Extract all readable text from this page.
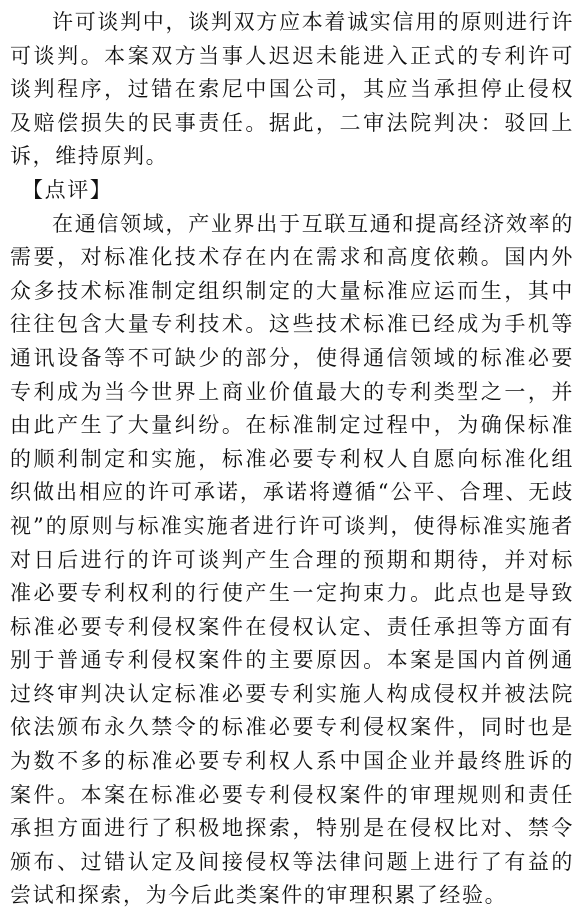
许可谈判中，谈判双方应本着诚实信用的原则进行许可谈判。本案双方当事人迟迟未能进入正式的专利许可谈判程序，过错在索尼中国公司，其应当承担停止侵权及赔偿损失的民事责任。据此，二审法院判决：驳回上诉，维持原判。

【点评】

在通信领域，产业界出于互联互通和提高经济效率的需要，对标准化技术存在内在需求和高度依赖。国内外众多技术标准制定组织制定的大量标准应运而生，其中往往包含大量专利技术。这些技术标准已经成为手机等通讯设备等不可缺少的部分，使得通信领域的标准必要专利成为当今世界上商业价值最大的专利类型之一，并由此产生了大量纠纷。在标准制定过程中，为确保标准的顺利制定和实施，标准必要专利权人自愿向标准化组织做出相应的许可承诺，承诺将遵循“公平、合理、无歧视”的原则与标准实施者进行许可谈判，使得标准实施者对日后进行的许可谈判产生合理的预期和期待，并对标准必要专利权利的行使产生一定拘束力。此点也是导致标准必要专利侵权案件在侵权认定、责任承担等方面有别于普通专利侵权案件的主要原因。本案是国内首例通过终审判决认定标准必要专利实施人构成侵权并被法院依法颁布永久禁令的标准必要专利侵权案件，同时也是为数不多的标准必要专利权人系中国企业并最终胜诉的案件。本案在标准必要专利侵权案件的审理规则和责任承担方面进行了积极地探索，特别是在侵权比对、禁令颁布、过错认定及间接侵权等法律问题上进行了有益的尝试和探索，为今后此类案件的审理积累了经验。
